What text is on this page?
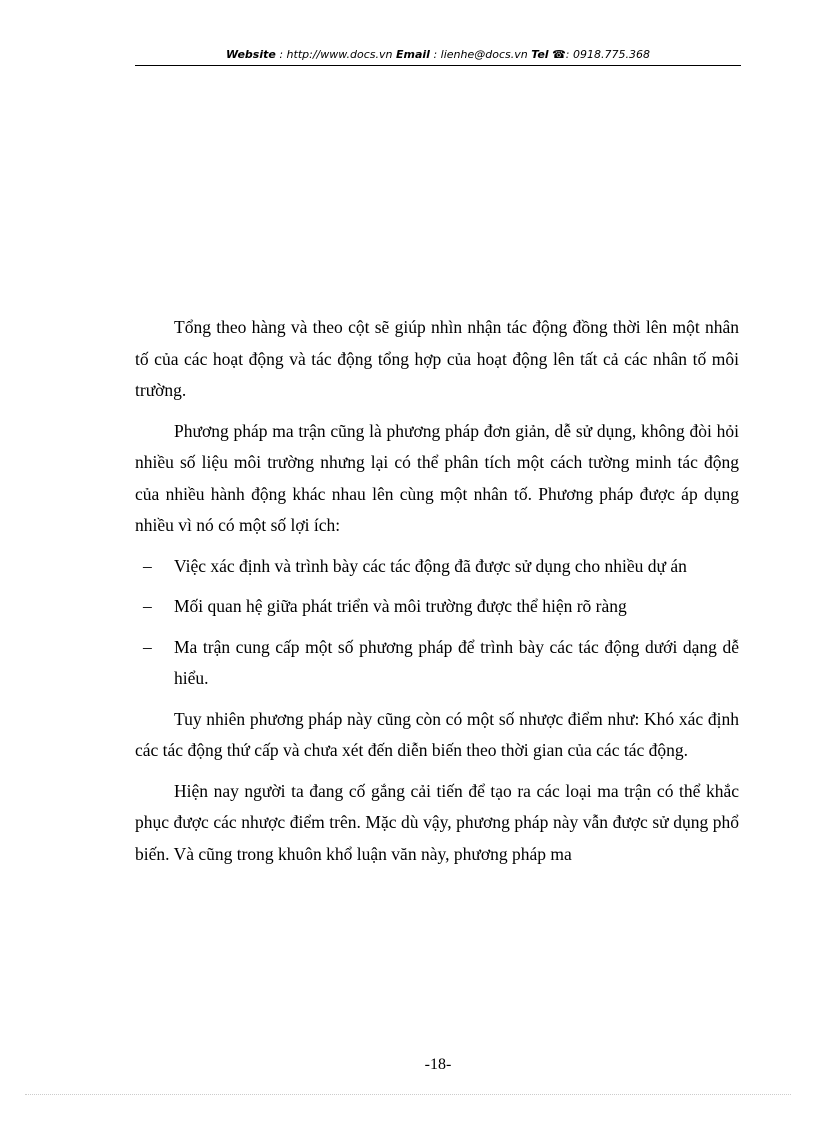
Website : http://www.docs.vn Email : lienhe@docs.vn Tel ☎: 0918.775.368

Tổng theo hàng và theo cột sẽ giúp nhìn nhận tác động đồng thời lên một nhân tố của các hoạt động và tác động tổng hợp của hoạt động lên tất cả các nhân tố môi trường.

Phương pháp ma trận cũng là phương pháp đơn giản, dễ sử dụng, không đòi hỏi nhiều số liệu môi trường nhưng lại có thể phân tích một cách tường minh tác động của nhiều hành động khác nhau lên cùng một nhân tố. Phương pháp được áp dụng nhiều vì nó có một số lợi ích:

– Việc xác định và trình bày các tác động đã được sử dụng cho nhiều dự án
– Mối quan hệ giữa phát triển và môi trường được thể hiện rõ ràng
– Ma trận cung cấp một số phương pháp để trình bày các tác động dưới dạng dễ hiểu.

Tuy nhiên phương pháp này cũng còn có một số nhược điểm như: Khó xác định các tác động thứ cấp và chưa xét đến diễn biến theo thời gian của các tác động.

Hiện nay người ta đang cố gắng cải tiến để tạo ra các loại ma trận có thể khắc phục được các nhược điểm trên. Mặc dù vậy, phương pháp này vẫn được sử dụng phổ biến. Và cũng trong khuôn khổ luận văn này, phương pháp ma

-18-
